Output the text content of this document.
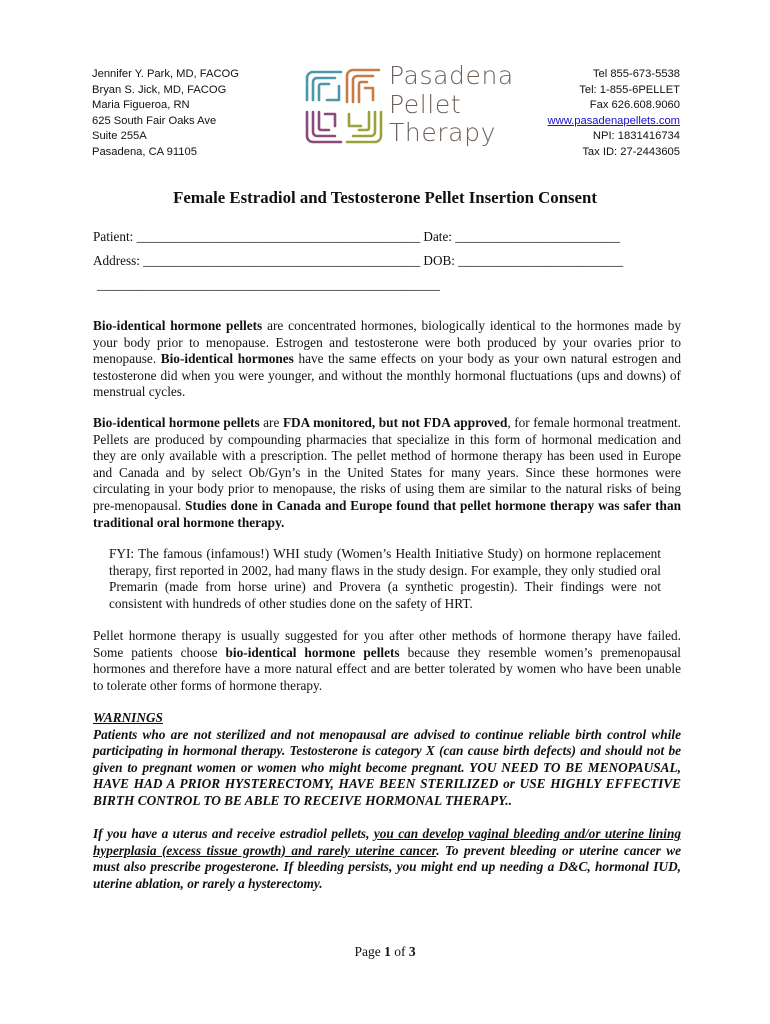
Jennifer Y. Park, MD, FACOG
Bryan S. Jick, MD, FACOG
Maria Figueroa, RN
625 South Fair Oaks Ave
Suite 255A
Pasadena, CA 91105
Pasadena
Pellet
Therapy
Tel 855-673-5538
Tel: 1-855-6PELLET
Fax 626.608.9060
www.pasadenapellets.com
NPI: 1831416734
Tax ID: 27-2443605
Female Estradiol and Testosterone Pellet Insertion Consent
Patient: ___________________________________________ Date: _________________________
Address: __________________________________________ DOB: _________________________
____________________________________________________

Bio-identical hormone pellets are concentrated hormones, biologically identical to the hormones made by your body prior to menopause. Estrogen and testosterone were both produced by your ovaries prior to menopause. Bio-identical hormones have the same effects on your body as your own natural estrogen and testosterone did when you were younger, and without the monthly hormonal fluctuations (ups and downs) of menstrual cycles.

Bio-identical hormone pellets are FDA monitored, but not FDA approved, for female hormonal treatment. Pellets are produced by compounding pharmacies that specialize in this form of hormonal medication and they are only available with a prescription. The pellet method of hormone therapy has been used in Europe and Canada and by select Ob/Gyn’s in the United States for many years. Since these hormones were circulating in your body prior to menopause, the risks of using them are similar to the natural risks of being pre-menopausal. Studies done in Canada and Europe found that pellet hormone therapy was safer than traditional oral hormone therapy.

FYI: The famous (infamous!) WHI study (Women’s Health Initiative Study) on hormone replacement therapy, first reported in 2002, had many flaws in the study design. For example, they only studied oral Premarin (made from horse urine) and Provera (a synthetic progestin). Their findings were not consistent with hundreds of other studies done on the safety of HRT.

Pellet hormone therapy is usually suggested for you after other methods of hormone therapy have failed. Some patients choose bio-identical hormone pellets because they resemble women’s premenopausal hormones and therefore have a more natural effect and are better tolerated by women who have been unable to tolerate other forms of hormone therapy.

WARNINGS

Patients who are not sterilized and not menopausal are advised to continue reliable birth control while participating in hormonal therapy. Testosterone is category X (can cause birth defects) and should not be given to pregnant women or women who might become pregnant. YOU NEED TO BE MENOPAUSAL, HAVE HAD A PRIOR HYSTERECTOMY, HAVE BEEN STERILIZED or USE HIGHLY EFFECTIVE BIRTH CONTROL TO BE ABLE TO RECEIVE HORMONAL THERAPY..

If you have a uterus and receive estradiol pellets, you can develop vaginal bleeding and/or uterine lining hyperplasia (excess tissue growth) and rarely uterine cancer. To prevent bleeding or uterine cancer we must also prescribe progesterone. If bleeding persists, you might end up needing a D&C, hormonal IUD, uterine ablation, or rarely a hysterectomy.

Page 1 of 3
